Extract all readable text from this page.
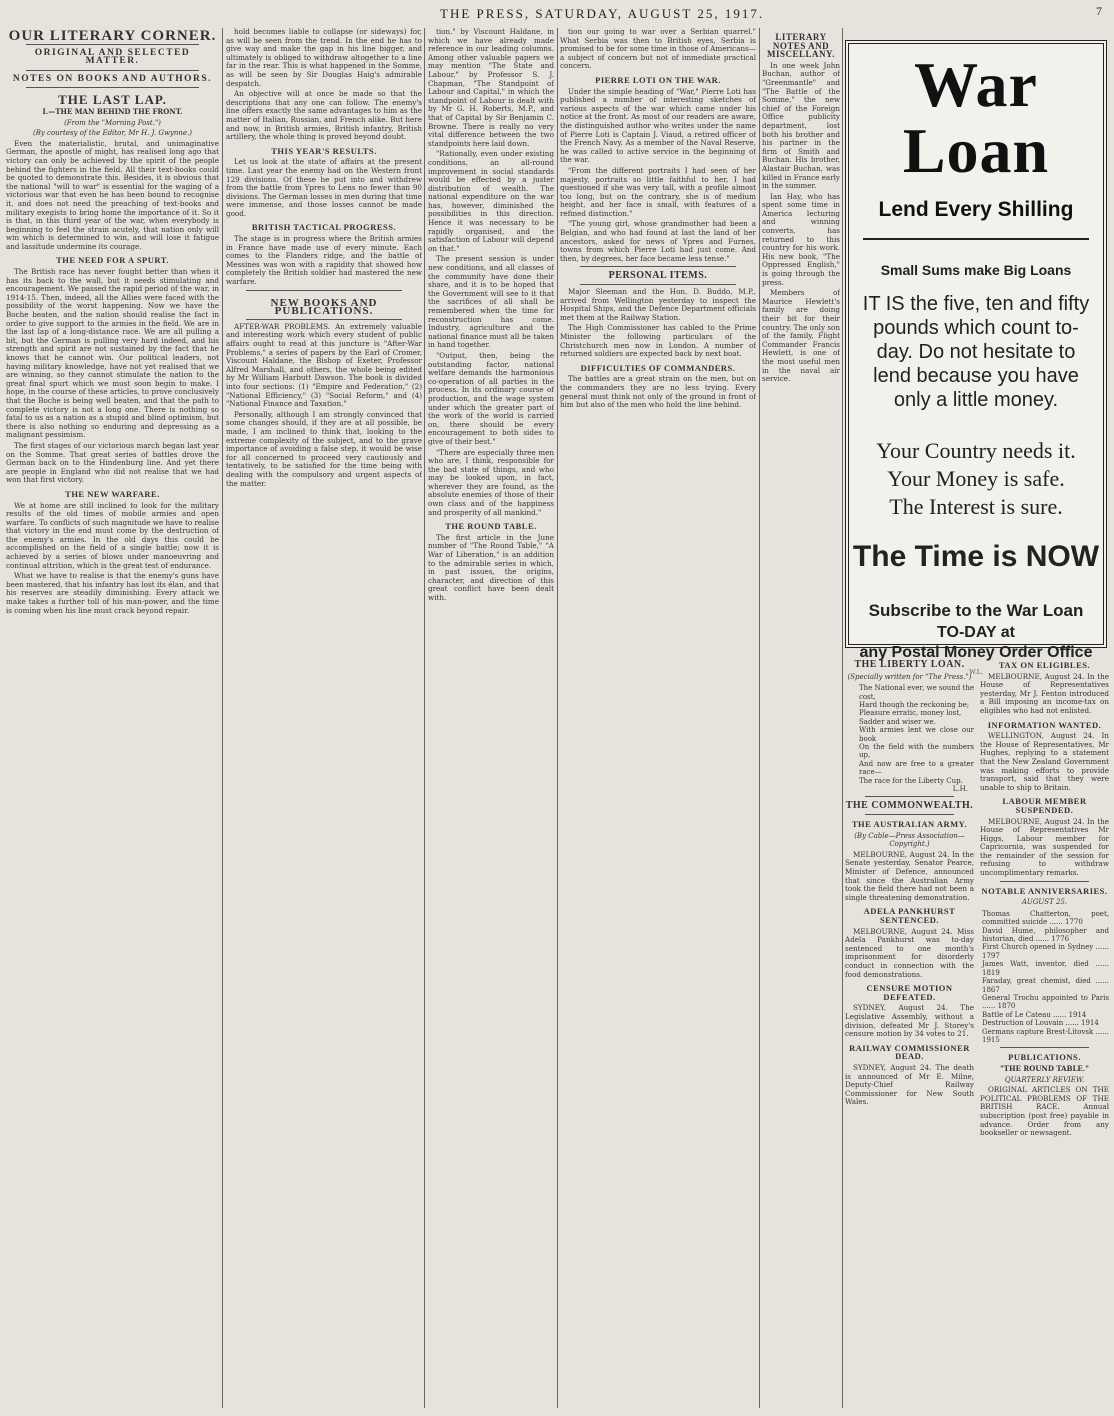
THE PRESS, SATURDAY, AUGUST 25, 1917.	7
OUR LITERARY CORNER.
ORIGINAL AND SELECTED MATTER.
NOTES ON BOOKS AND AUTHORS.
THE LAST LAP.
I.—THE MAN BEHIND THE FRONT.
(From the "Morning Post.")
(By courtesy of the Editor, Mr H. J. Gwynne.)

Even the materialistic, brutal, and unimaginative German, the apostle of might, has realised long ago that victory can only be achieved by the spirit of the people behind the fighters in the field. All their text-books could be quoted to demonstrate this. Besides, it is obvious that the national "will to war" is essential for the waging of a victorious war that even he has been bound to recognise it, and does not need the preaching of text-books and military exegists to bring home the importance of it. So it is that, in this third year of the war, when everybody is beginning to feel the strain acutely, that nation only will win which is determined to win, and will lose it fatigue and lassitude undermine its courage.

THE NEED FOR A SPURT.

The British race has never fought better than when it has its back to the wall, but it needs stimulating and encouragement. We passed the rapid period of the war, in 1914-15. Then, indeed, all the Allies were faced with the possibility of the worst happening. Now we have the Boche beaten, and the nation should realise the fact in order to give support to the armies in the field. We are in the last lap of a long-distance race. We are all pulling a bit, but the German is pulling very hard indeed, and his strength and spirit are not sustained by the fact that he knows that he cannot win. Our political leaders, not having military knowledge, have not yet realised that we are winning, so they cannot stimulate the nation to the great final spurt which we must soon begin to make. I hope, in the course of these articles, to prove conclusively that the Boche is being well beaten, and that the path to complete victory is not a long one. There is nothing so fatal to us as a nation as a stupid and blind optimism, but there is also nothing so enduring and depressing as a malignant pessimism.

The first stages of our victorious march began last year on the Somme. That great series of battles drove the German back on to the Hindenburg line. And yet there are people in England who did not realise that we had won that first victory.

THE NEW WARFARE.

We at home are still inclined to look for the military results of the old times of mobile armies and open warfare. To conflicts of such magnitude we have to realise that victory in the end must come by the destruction of the enemy's armies. In the old days this could be accomplished on the field of a single battle; now it is achieved by a series of blows under manoeuvring and continual attrition, which is the great test of endurance.

What we have to realise is that the enemy's guns have been mastered, that his infantry has lost its élan, and that his reserves are steadily diminishing. Every attack we make takes a further toll of his man-power, and the time is coming when his line must crack beyond repair.

hold becomes liable to collapse (or sideways) for, as will be seen from the trend. In the end he has to give way and make the gap in his line bigger, and ultimately is obliged to withdraw altogether to a line far in the rear. This is what happened in the Somme, as will be seen by Sir Douglas Haig's admirable despatch.

An objective will at once be made so that the descriptions that any one can follow. The enemy's line offers exactly the same advantages to him as the matter of Italian, Russian, and French alike. But here and now, in British armies, British infantry, British artillery, the whole thing is proved beyond doubt.

THIS YEAR'S RESULTS.

Let us look at the state of affairs at the present time. Last year the enemy had on the Western front 129 divisions. Of these he put into and withdrew from the battle from Ypres to Lens no fewer than 90 divisions. The German losses in men during that time were immense, and those losses cannot be made good.

BRITISH TACTICAL PROGRESS.

The stage is in progress where the British armies in France have made use of every minute. Each comes to the Flanders ridge, and the battle of Messines was won with a rapidity that showed how completely the British soldier had mastered the new warfare.

NEW BOOKS AND PUBLICATIONS.

AFTER-WAR PROBLEMS. An extremely valuable and interesting work which every student of public affairs ought to read at this juncture is "After-War Problems," a series of papers by the Earl of Cromer, Viscount Haldane, the Bishop of Exeter, Professor Alfred Marshall, and others, the whole being edited by Mr William Harbutt Dawson. The book is divided into four sections: (1) "Empire and Federation," (2) "National Efficiency," (3) "Social Reform," and (4) "National Finance and Taxation."

Personally, although I am strongly convinced that some changes should, if they are at all possible, be made, I am inclined to think that, looking to the extreme complexity of the subject, and to the grave importance of avoiding a false step, it would be wise for all concerned to proceed very cautiously and tentatively, to be satisfied for the time being with dealing with the compulsory and urgent aspects of the matter.

tion." by Viscount Haldane, in which we have already made reference in our leading columns. Among other valuable papers we may mention "The State and Labour," by Professor S. J. Chapman, "The Standpoint of Labour and Capital," in which the standpoint of Labour is dealt with by Mr G. H. Roberts, M.P., and that of Capital by Sir Benjamin C. Browne. There is really no very vital difference between the two standpoints here laid down.

"Rationally, even under existing conditions, an all-round improvement in social standards would be effected by a juster distribution of wealth. The national expenditure on the war has, however, diminished the possibilities in this direction. Hence it was necessary to be rapidly organised, and the satisfaction of Labour will depend on that."

The present session is under new conditions, and all classes of the community have done their share, and it is to be hoped that the Government will see to it that the sacrifices of all shall be remembered when the time for reconstruction has come. Industry, agriculture and the national finance must all be taken in hand together.

"Output, then, being the outstanding factor, national welfare demands the harmonious co-operation of all parties in the process. In its ordinary course of production, and the wage system under which the greater part of the work of the world is carried on, there should be every encouragement to both sides to give of their best."

"There are especially three men who are, I think, responsible for the bad state of things, and who may be looked upon, in fact, wherever they are found, as the absolute enemies of those of their own class and of the happiness and prosperity of all mankind."

THE ROUND TABLE.

The first article in the June number of "The Round Table," "A War of Liberation," is an addition to the admirable series in which, in past issues, the origins, character, and direction of this great conflict have been dealt with.

tion our going to war over a Serbian quarrel." What Serbia was then to British eyes, Serbia is promised to be for some time in those of Americans—a subject of concern but not of immediate practical concern.

PIERRE LOTI ON THE WAR.

Under the simple heading of "War," Pierre Loti has published a number of interesting sketches of various aspects of the war which came under his notice at the front. As most of our readers are aware, the distinguished author who writes under the name of Pierre Loti is Captain J. Viaud, a retired officer of the French Navy. As a member of the Naval Reserve, he was called to active service in the beginning of the war.

"From the different portraits I had seen of her majesty, portraits so little faithful to her, I had questioned if she was very tall, with a profile almost too long, but on the contrary, she is of medium height, and her face is small, with features of a refined distinction."

"The young girl, whose grandmother had been a Belgian, and who had found at last the land of her ancestors, asked for news of Ypres and Furnes, towns from which Pierre Loti had just come. And then, by degrees, her face became less tense."

PERSONAL ITEMS.

Major Sleeman and the Hon. D. Buddo, M.P., arrived from Wellington yesterday to inspect the Hospital Ships, and the Defence Department officials met them at the Railway Station.

The High Commissioner has cabled to the Prime Minister the following particulars of the Christchurch men now in London. A number of returned soldiers are expected back by next boat.

DIFFICULTIES OF COMMANDERS.

The battles are a great strain on the men, but on the commanders they are no less trying. Every general must think not only of the ground in front of him but also of the men who hold the line behind.

LITERARY NOTES AND MISCELLANY.

In one week John Buchan, author of "Greenmantle" and "The Battle of the Somme," the new chief of the Foreign Office publicity department, lost both his brother and his partner in the firm of Smith and Buchan. His brother, Alastair Buchan, was killed in France early in the summer.

Ian Hay, who has spent some time in America lecturing and winning converts, has returned to this country for his work. His new book, "The Oppressed English," is going through the press.

Members of Maurice Hewlett's family are doing their bit for their country. The only son of the family, Flight Commander Francis Hewlett, is one of the most useful men in the naval air service.

War Loan
Lend Every Shilling
Small Sums make Big Loans
IT IS the five, ten and fifty pounds which count to-day. Do not hesitate to lend because you have only a little money.
Your Country needs it.
Your Money is safe.
The Interest is sure.
The Time is NOW
Subscribe to the War Loan
TO-DAY at
any Postal Money Order Office
W.L.
THE LIBERTY LOAN.
(Specially written for "The Press.")
The National ever, we sound the cost,
Hard though the reckoning be;
Pleasure erratic, money lost,
Sadder and wiser we.
With armies lent we close our book
On the field with the numbers up,
And now are free to a greater race—
The race for the Liberty Cup.
L.H.
THE COMMONWEALTH.
THE AUSTRALIAN ARMY.
(By Cable—Press Association—Copyright.)

MELBOURNE, August 24. In the Senate yesterday, Senator Pearce, Minister of Defence, announced that since the Australian Army took the field there had not been a single threatening demonstration.

ADELA PANKHURST SENTENCED.

MELBOURNE, August 24. Miss Adela Pankhurst was to-day sentenced to one month's imprisonment for disorderly conduct in connection with the food demonstrations.

CENSURE MOTION DEFEATED.

SYDNEY, August 24. The Legislative Assembly, without a division, defeated Mr J. Storey's censure motion by 34 votes to 21.

RAILWAY COMMISSIONER DEAD.

SYDNEY, August 24. The death is announced of Mr E. Milne, Deputy-Chief Railway Commissioner for New South Wales.

TAX ON ELIGIBLES.

MELBOURNE, August 24. In the House of Representatives yesterday, Mr J. Fenton introduced a Bill imposing an income-tax on eligibles who had not enlisted.

INFORMATION WANTED.

WELLINGTON, August 24. In the House of Representatives, Mr Hughes, replying to a statement that the New Zealand Government was making efforts to provide transport, said that they were unable to ship to Britain.

LABOUR MEMBER SUSPENDED.

MELBOURNE, August 24. In the House of Representatives Mr Higgs, Labour member for Capricornia, was suspended for the remainder of the session for refusing to withdraw uncomplimentary remarks.

NOTABLE ANNIVERSARIES.
AUGUST 25.
Thomas Chatterton, poet, committed suicide ...... 1770
David Hume, philosopher and historian, died ...... 1776
First Church opened in Sydney ...... 1797
James Watt, inventor, died ...... 1819
Faraday, great chemist, died ...... 1867
General Trochu appointed to Paris ...... 1870
Battle of Le Cateau ...... 1914
Destruction of Louvain ...... 1914
Germans capture Brest-Litovsk ...... 1915
PUBLICATIONS.
"THE ROUND TABLE."
QUARTERLY REVIEW.

ORIGINAL ARTICLES ON THE POLITICAL PROBLEMS OF THE BRITISH RACE. Annual subscription (post free) payable in advance. Order from any bookseller or newsagent.
